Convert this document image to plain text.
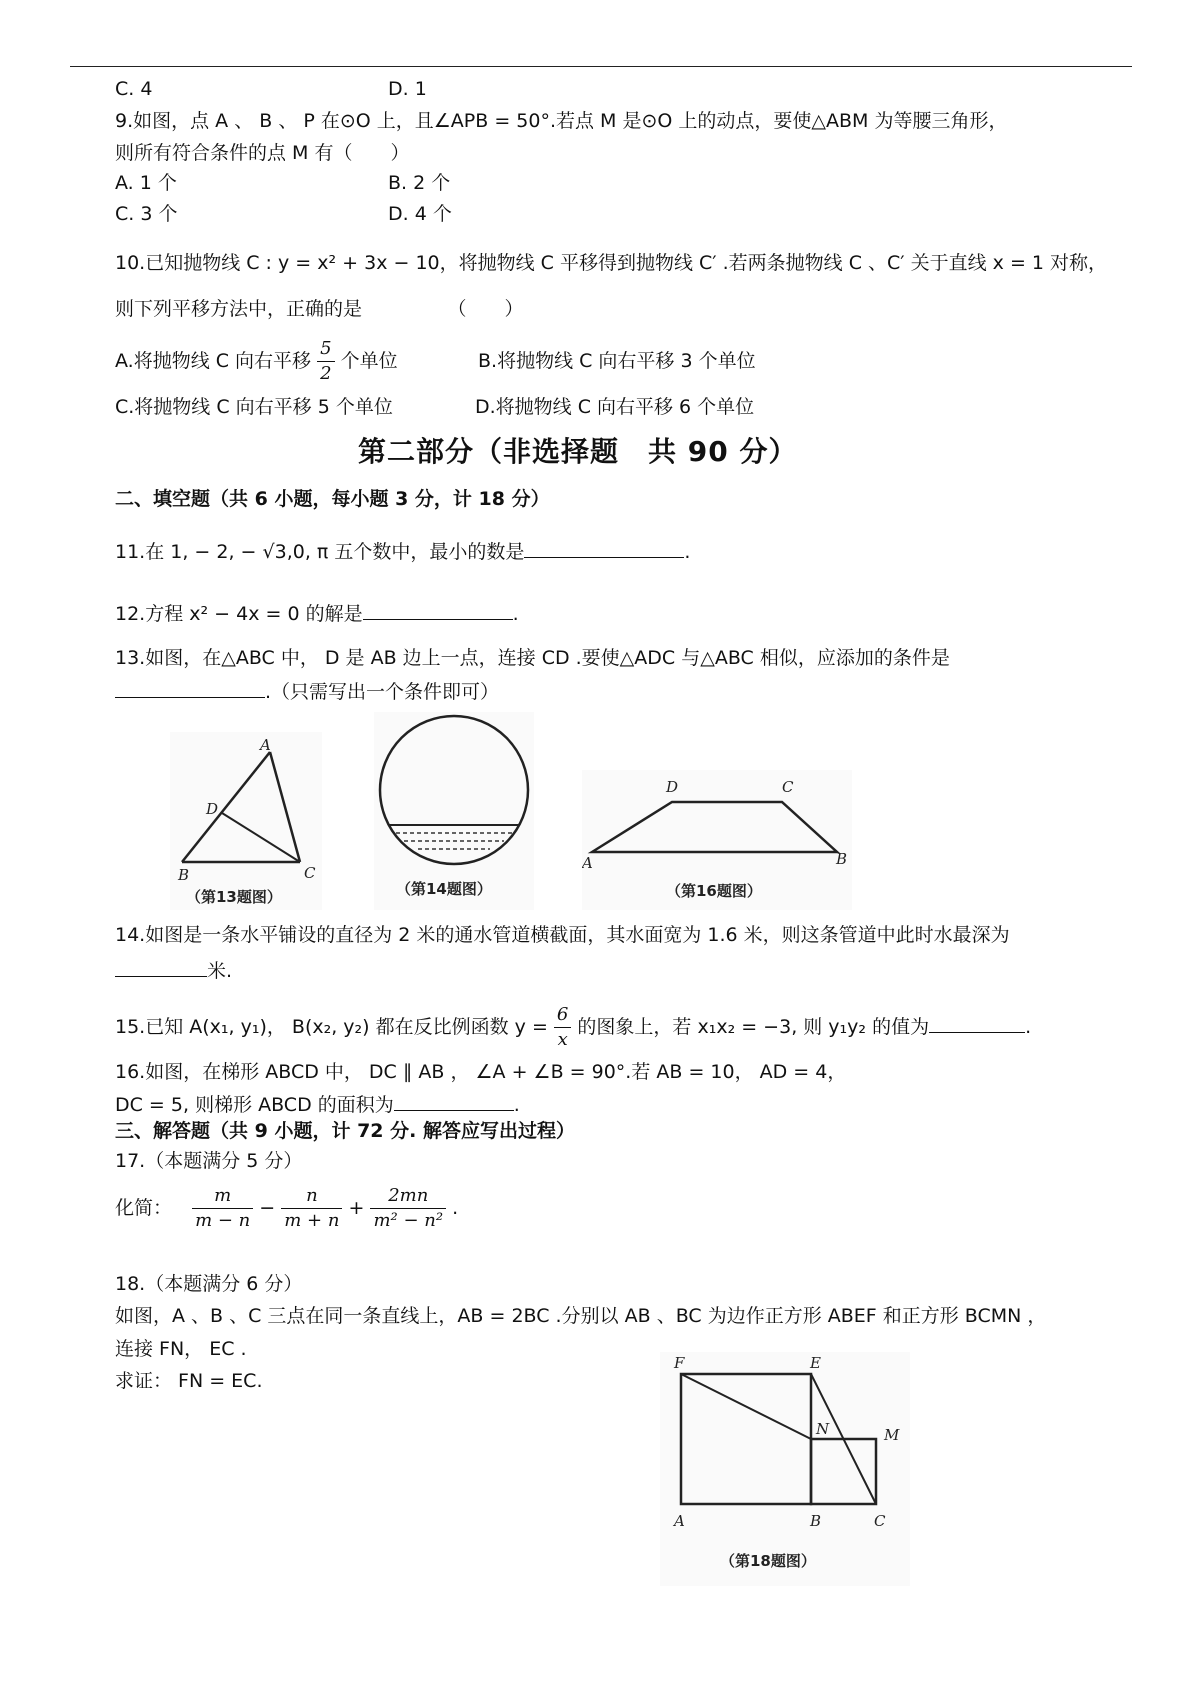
C. 4	D. 1
9.如图，点 A 、 B 、 P 在⊙O 上，且∠APB = 50°.若点 M 是⊙O 上的动点，要使△ABM 为等腰三角形，
则所有符合条件的点 M 有（　　）
A. 1 个	B. 2 个
C. 3 个	D. 4 个
10.已知抛物线 C : y = x² + 3x − 10，将抛物线 C 平移得到抛物线 C′ .若两条抛物线 C 、C′ 关于直线 x = 1 对称，
则下列平移方法中，正确的是　　　　　（　　）
A.将抛物线 C 向右平移 $\frac{5}{2}$ 个单位	B.将抛物线 C 向右平移 3 个单位
C.将抛物线 C 向右平移 5 个单位	D.将抛物线 C 向右平移 6 个单位
第二部分（非选择题　共 90 分）
二、填空题（共 6 小题，每小题 3 分，计 18 分）
11.在 1, − 2, − √3,0, π 五个数中，最小的数是	.
12.方程 x² − 4x = 0 的解是	.
13.如图，在△ABC 中， D 是 AB 边上一点，连接 CD .要使△ADC 与△ABC 相似，应添加的条件是
.（只需写出一个条件即可）
A
D
B	C
（第13题图）	（第14题图）
D	C
A	B
（第16题图）
14.如图是一条水平铺设的直径为 2 米的通水管道横截面，其水面宽为 1.6 米，则这条管道中此时水最深为
米.
15.已知 A(x₁, y₁)， B(x₂, y₂) 都在反比例函数 $y = \frac{6}{x}$ 的图象上，若 x₁x₂ = −3, 则 y₁y₂ 的值为	.
16.如图，在梯形 ABCD 中， DC ∥ AB ， ∠A + ∠B = 90°.若 AB = 10， AD = 4，
DC = 5, 则梯形 ABCD 的面积为	.
三、解答题（共 9 小题，计 72 分. 解答应写出过程）
17.（本题满分 5 分）
化简： $\frac{m}{m - n} - \frac{n}{m + n} + \frac{2mn}{\text{m² − n²}}$ .
18.（本题满分 6 分）
如图，A 、B 、C 三点在同一条直线上，AB = 2BC .分别以 AB 、BC 为边作正方形 ABEF 和正方形 BCMN ，
连接 FN， EC .
求证： FN = EC.
F	E
N	M
A	B	C
（第18题图）
